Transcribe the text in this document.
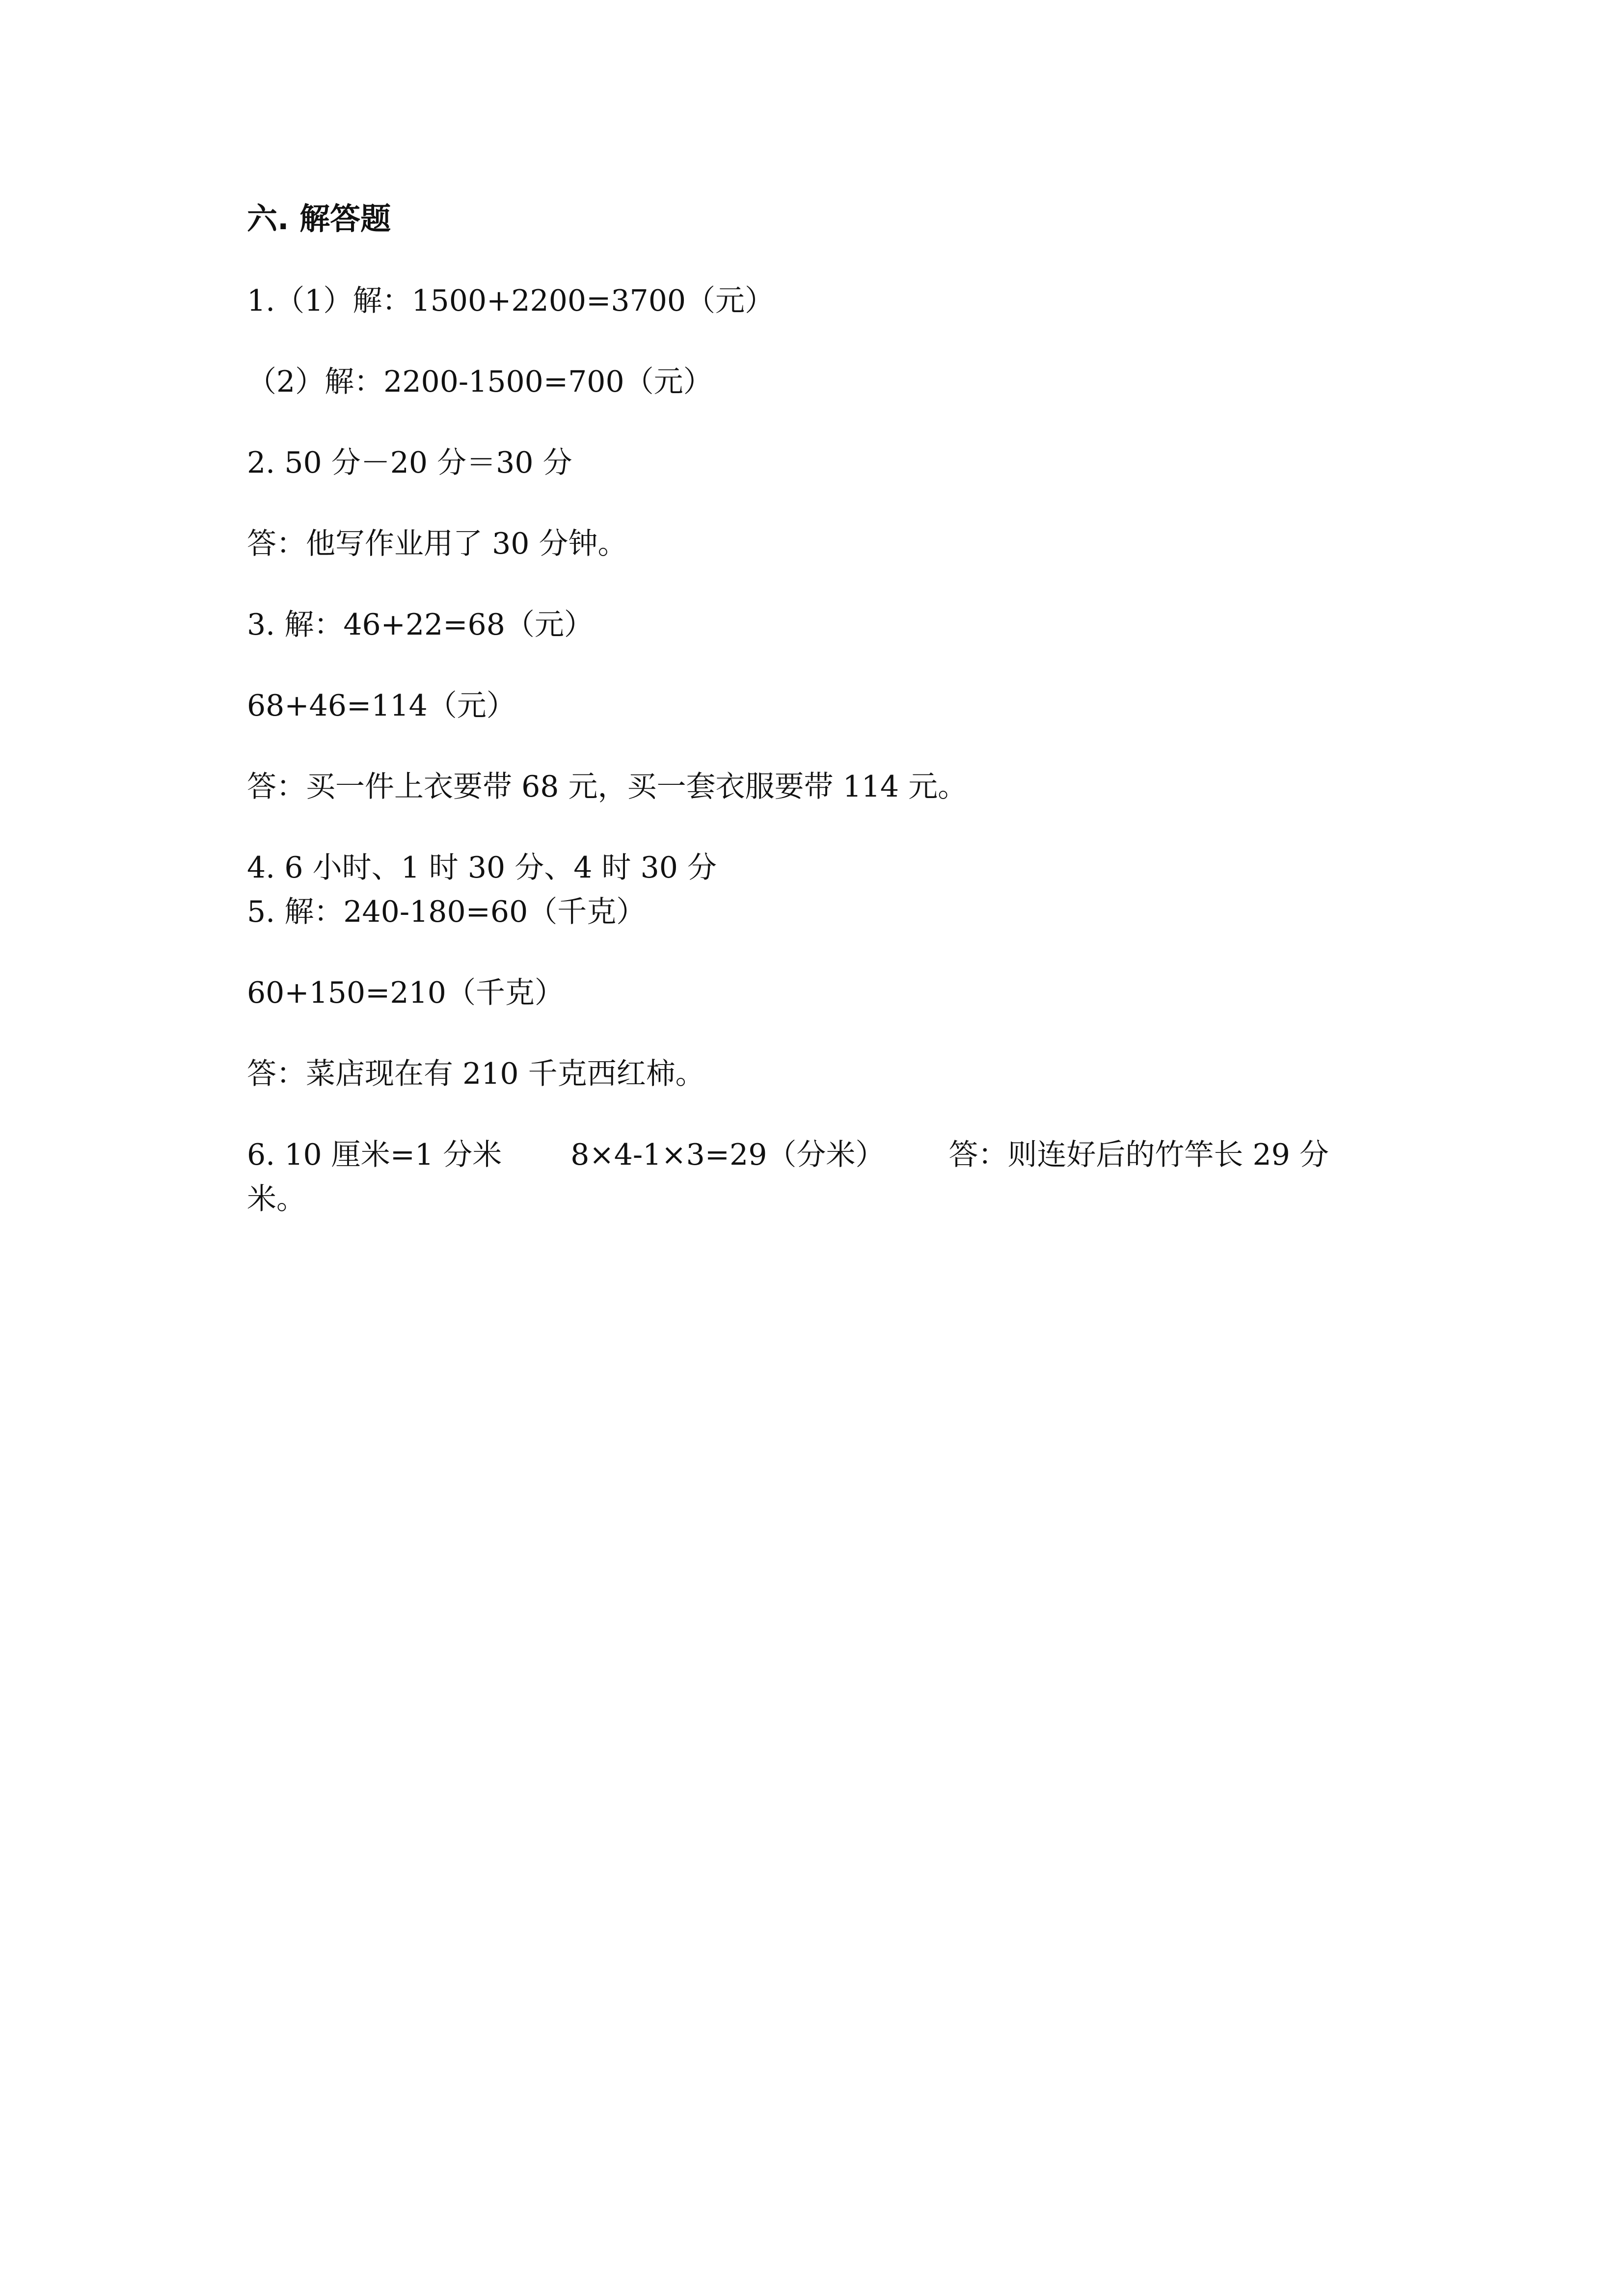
六. 解答题
1.（1）解：1500+2200=3700（元）
（2）解：2200-1500=700（元）
2. 50 分－20 分＝30 分
答：他写作业用了 30 分钟。
3. 解：46+22=68（元）
68+46=114（元）
答：买一件上衣要带 68 元，买一套衣服要带 114 元。
4. 6 小时、1 时 30 分、4 时 30 分
5. 解：240-180=60（千克）
60+150=210（千克）
答：菜店现在有 210 千克西红柿。
6. 10 厘米=1 分米 8×4-1×3=29（分米） 答：则连好后的竹竿长 29 分
米。
